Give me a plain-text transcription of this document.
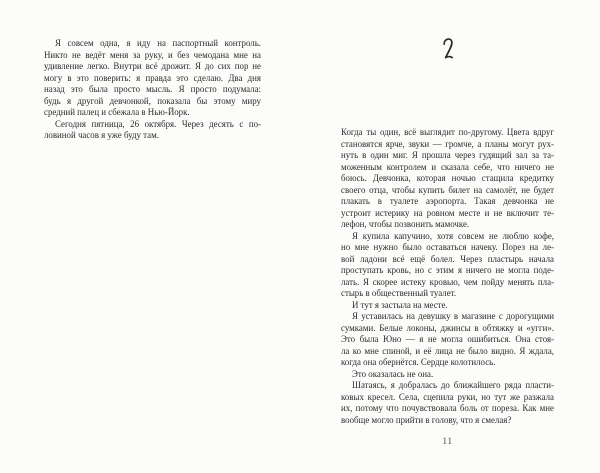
Я совсем одна, я иду на паспортный контроль.
Никто не ведёт меня за руку, и без чемодана мне на
удивление легко. Внутри всё дрожит. Я до сих пор не
могу в это поверить: я правда это сделаю. Два дня
назад это была просто мысль. Я просто подумала:
будь я другой девчонкой, показала бы этому миру
средний палец и сбежала в Нью-Йорк.
Сегодня пятница, 26 октября. Через десять с по-
ловиной часов я уже буду там.	Когда ты один, всё выглядит по-другому. Цвета вдруг
становятся ярче, звуки — громче, а планы могут рух-
нуть в один миг. Я прошла через гудящий зал за та-
моженным контролем и сказала себе, что ничего не
боюсь. Девчонка, которая ночью стащила кредитку
своего отца, чтобы купить билет на самолёт, не будет
плакать в туалете аэропорта. Такая девчонка не
устроит истерику на ровном месте и не включит те-
лефон, чтобы позвонить мамочке.
Я купила капучино, хотя совсем не люблю кофе,
но мне нужно было оставаться начеку. Порез на ле-
вой ладони всё ещё болел. Через пластырь начала
проступать кровь, но с этим я ничего не могла поде-
лать. Я скорее истеку кровью, чем пойду менять пла-
стырь в общественный туалет.
И тут я застыла на месте.
Я уставилась на девушку в магазине с дорогущими
сумками. Белые локоны, джинсы в обтяжку и «угги».
Это была Юно — я не могла ошибиться. Она стоя-
ла ко мне спиной, и её лица не было видно. Я ждала,
когда она обернётся. Сердце колотилось.
Это оказалась не она.
Шатаясь, я добралась до ближайшего ряда пласти-
ковых кресел. Села, сцепила руки, но тут же разжала
их, потому что почувствовала боль от пореза. Как мне
вообще могло прийти в голову, что я смелая?
11
